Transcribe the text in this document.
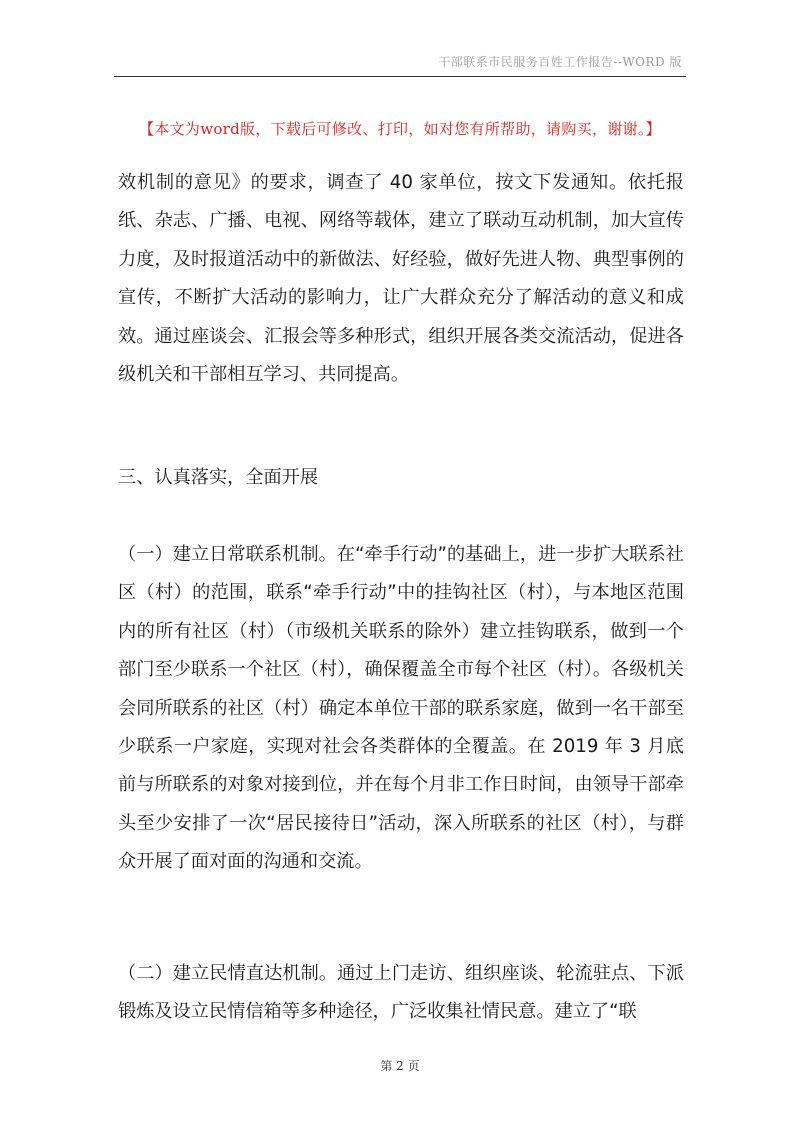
干部联系市民服务百姓工作报告--WORD 版
【本文为word版，下载后可修改、打印，如对您有所帮助，请购买，谢谢。】

效机制的意见》的要求，调查了 40 家单位，按文下发通知。依托报纸、杂志、广播、电视、网络等载体，建立了联动互动机制，加大宣传力度，及时报道活动中的新做法、好经验，做好先进人物、典型事例的宣传，不断扩大活动的影响力，让广大群众充分了解活动的意义和成效。通过座谈会、汇报会等多种形式，组织开展各类交流活动，促进各级机关和干部相互学习、共同提高。

三、认真落实，全面开展

（一）建立日常联系机制。在“牵手行动”的基础上，进一步扩大联系社区（村）的范围，联系“牵手行动”中的挂钩社区（村），与本地区范围内的所有社区（村）（市级机关联系的除外）建立挂钩联系，做到一个部门至少联系一个社区（村），确保覆盖全市每个社区（村）。各级机关会同所联系的社区（村）确定本单位干部的联系家庭，做到一名干部至少联系一户家庭，实现对社会各类群体的全覆盖。在 2019 年 3 月底前与所联系的对象对接到位，并在每个月非工作日时间，由领导干部牵头至少安排了一次“居民接待日”活动，深入所联系的社区（村），与群众开展了面对面的沟通和交流。

（二）建立民情直达机制。通过上门走访、组织座谈、轮流驻点、下派锻炼及设立民情信箱等多种途径，广泛收集社情民意。建立了“联

第 2 页
